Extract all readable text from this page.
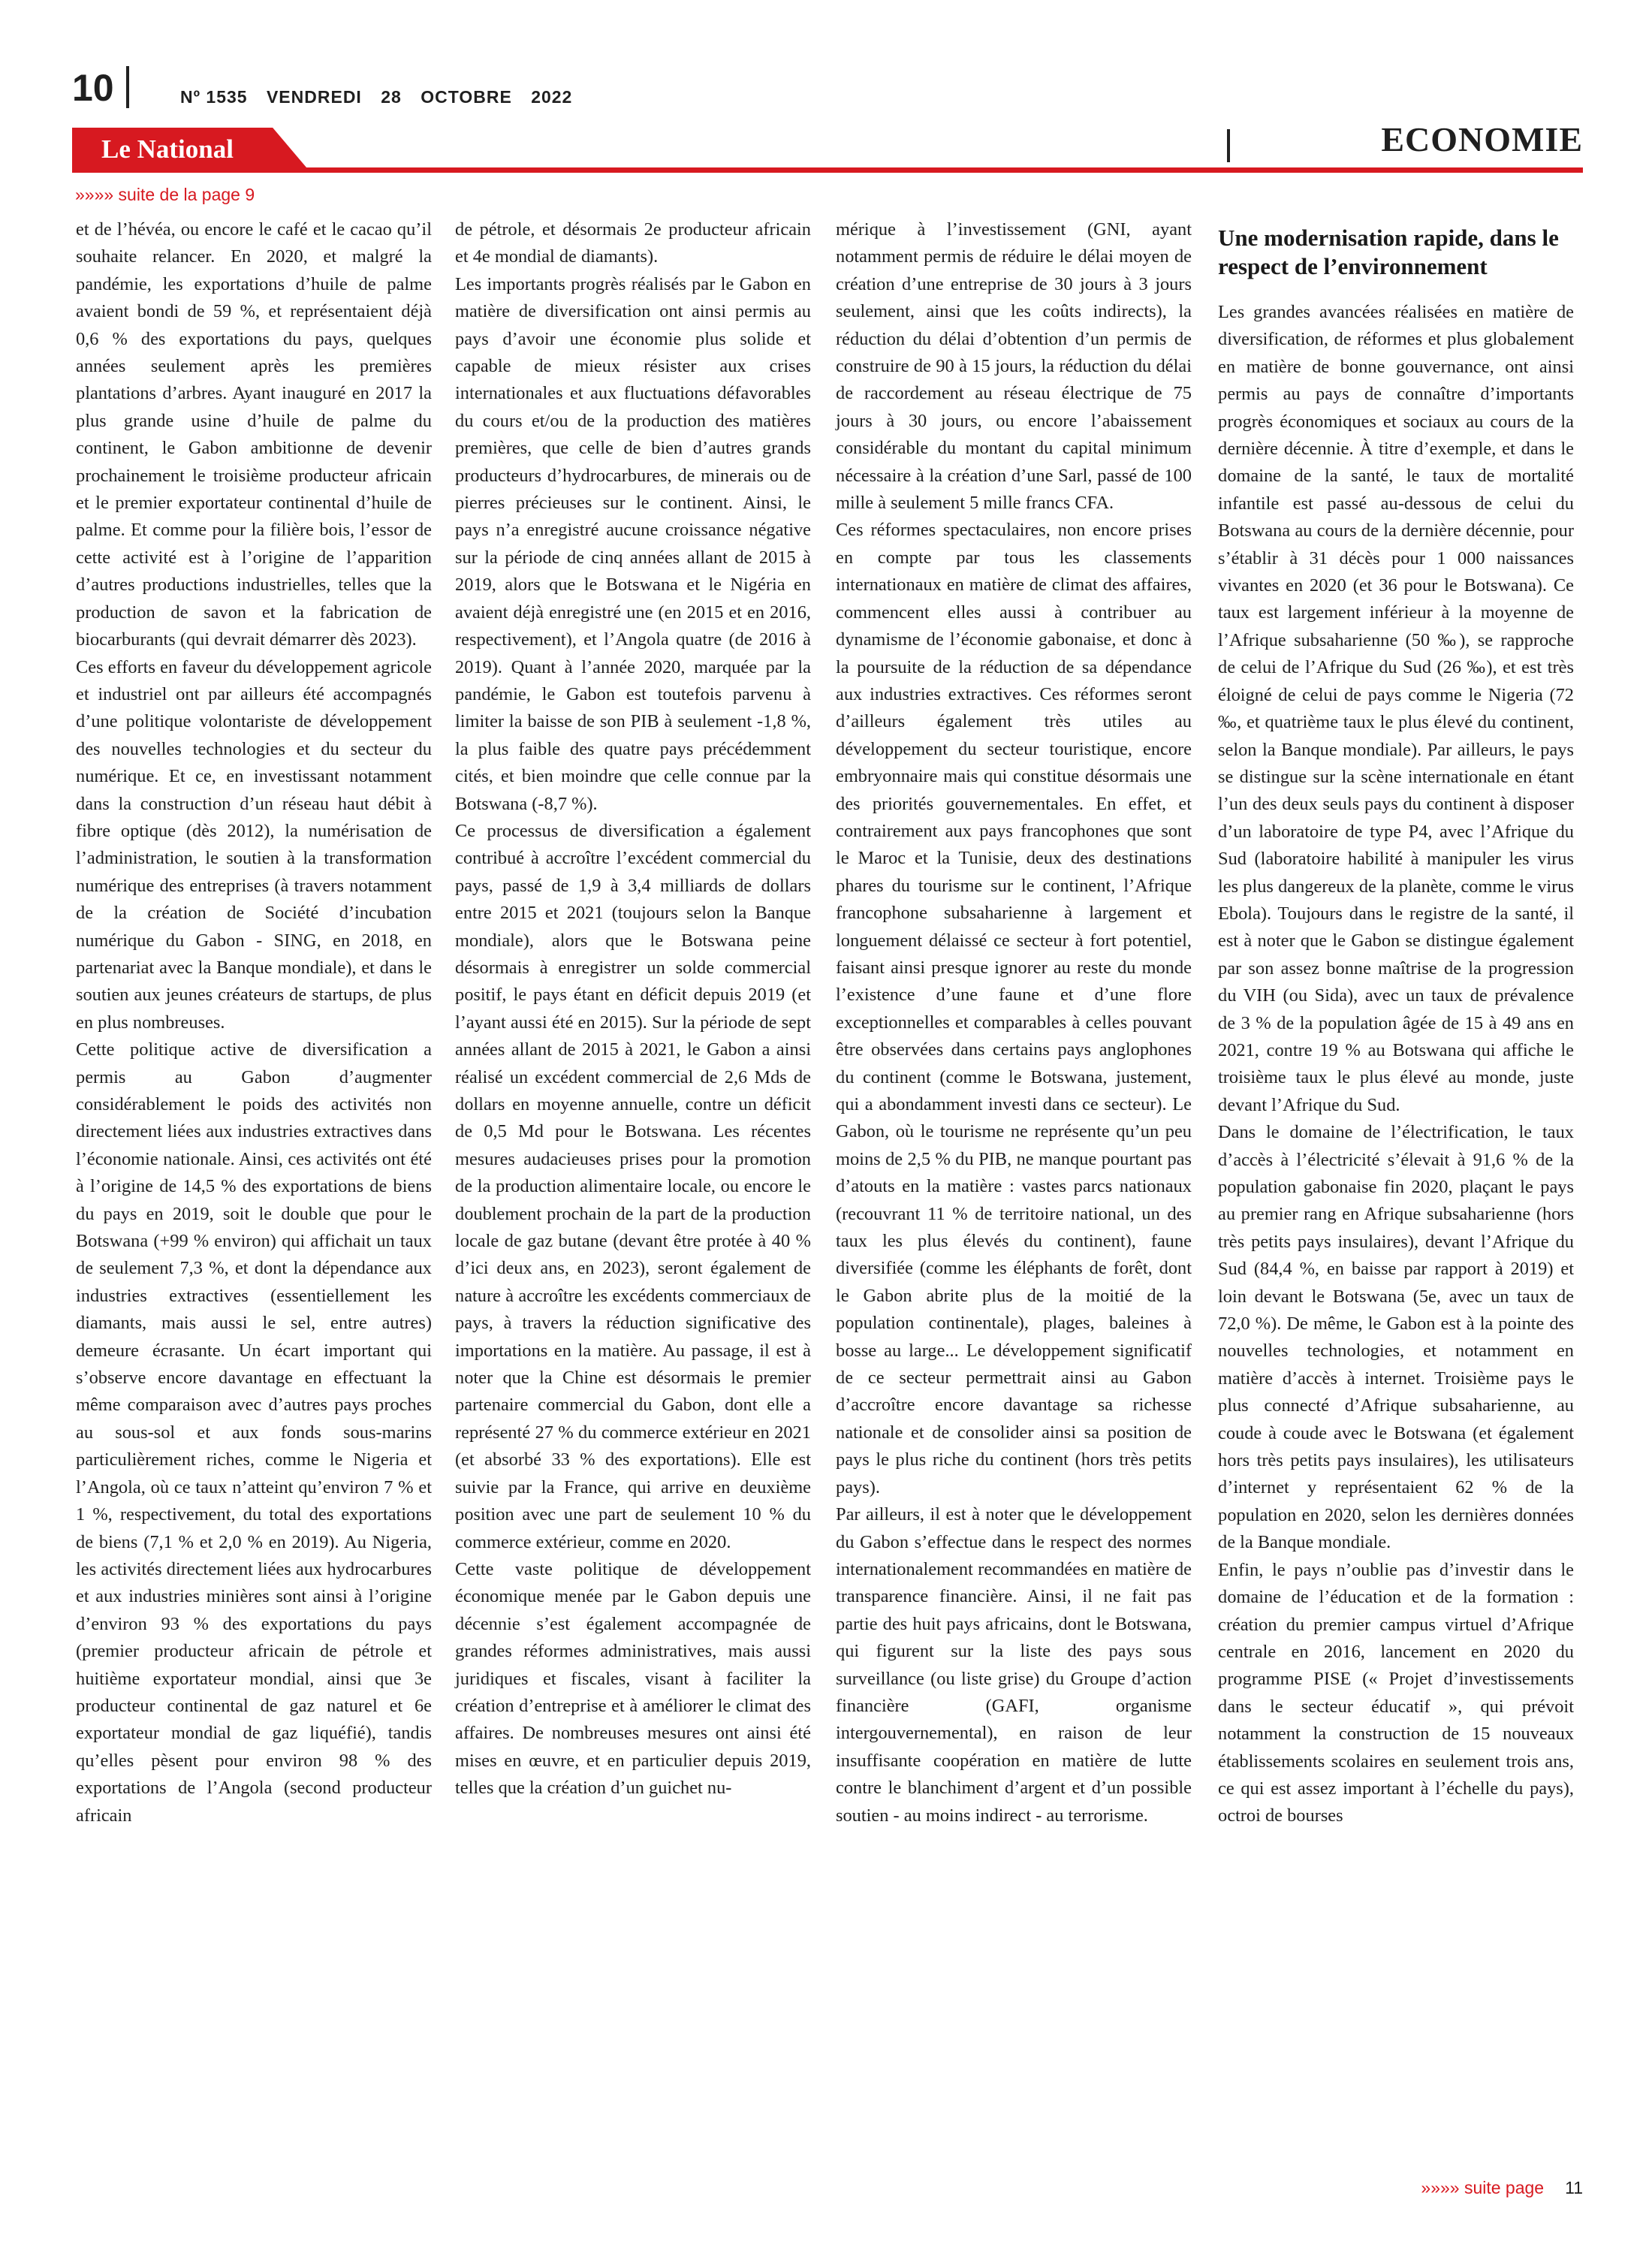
10	Nº 1535 VENDREDI 28 OCTOBRE 2022
Le National	ECONOMIE
»»»» suite de la page 9

et de l’hévéa, ou encore le café et le cacao qu’il souhaite relancer. En 2020, et malgré la pandémie, les exportations d’huile de palme avaient bondi de 59 %, et représentaient déjà 0,6 % des exportations du pays, quelques années seulement après les premières plantations d’arbres. Ayant inauguré en 2017 la plus grande usine d’huile de palme du continent, le Gabon ambitionne de devenir prochainement le troisième producteur africain et le premier exportateur continental d’huile de palme. Et comme pour la filière bois, l’essor de cette activité est à l’origine de l’apparition d’autres productions industrielles, telles que la production de savon et la fabrication de biocarburants (qui devrait démarrer dès 2023).

Ces efforts en faveur du développement agricole et industriel ont par ailleurs été accompagnés d’une politique volontariste de développement des nouvelles technologies et du secteur du numérique. Et ce, en investissant notamment dans la construction d’un réseau haut débit à fibre optique (dès 2012), la numérisation de l’administration, le soutien à la transformation numérique des entreprises (à travers notamment de la création de Société d’incubation numérique du Gabon - SING, en 2018, en partenariat avec la Banque mondiale), et dans le soutien aux jeunes créateurs de startups, de plus en plus nombreuses.

Cette politique active de diversification a permis au Gabon d’augmenter considérablement le poids des activités non directement liées aux industries extractives dans l’économie nationale. Ainsi, ces activités ont été à l’origine de 14,5 % des exportations de biens du pays en 2019, soit le double que pour le Botswana (+99 % environ) qui affichait un taux de seulement 7,3 %, et dont la dépendance aux industries extractives (essentiellement les diamants, mais aussi le sel, entre autres) demeure écrasante. Un écart important qui s’observe encore davantage en effectuant la même comparaison avec d’autres pays proches au sous-sol et aux fonds sous-marins particulièrement riches, comme le Nigeria et l’Angola, où ce taux n’atteint qu’environ 7 % et 1 %, respectivement, du total des exportations de biens (7,1 % et 2,0 % en 2019). Au Nigeria, les activités directement liées aux hydrocarbures et aux industries minières sont ainsi à l’origine d’environ 93 % des exportations du pays (premier producteur africain de pétrole et huitième exportateur mondial, ainsi que 3e producteur continental de gaz naturel et 6e exportateur mondial de gaz liquéfié), tandis qu’elles pèsent pour environ 98 % des exportations de l’Angola (second producteur africain

de pétrole, et désormais 2e producteur africain et 4e mondial de diamants).

Les importants progrès réalisés par le Gabon en matière de diversification ont ainsi permis au pays d’avoir une économie plus solide et capable de mieux résister aux crises internationales et aux fluctuations défavorables du cours et/ou de la production des matières premières, que celle de bien d’autres grands producteurs d’hydrocarbures, de minerais ou de pierres précieuses sur le continent. Ainsi, le pays n’a enregistré aucune croissance négative sur la période de cinq années allant de 2015 à 2019, alors que le Botswana et le Nigéria en avaient déjà enregistré une (en 2015 et en 2016, respectivement), et l’Angola quatre (de 2016 à 2019). Quant à l’année 2020, marquée par la pandémie, le Gabon est toutefois parvenu à limiter la baisse de son PIB à seulement -1,8 %, la plus faible des quatre pays précédemment cités, et bien moindre que celle connue par la Botswana (-8,7 %).

Ce processus de diversification a également contribué à accroître l’excédent commercial du pays, passé de 1,9 à 3,4 milliards de dollars entre 2015 et 2021 (toujours selon la Banque mondiale), alors que le Botswana peine désormais à enregistrer un solde commercial positif, le pays étant en déficit depuis 2019 (et l’ayant aussi été en 2015). Sur la période de sept années allant de 2015 à 2021, le Gabon a ainsi réalisé un excédent commercial de 2,6 Mds de dollars en moyenne annuelle, contre un déficit de 0,5 Md pour le Botswana. Les récentes mesures audacieuses prises pour la promotion de la production alimentaire locale, ou encore le doublement prochain de la part de la production locale de gaz butane (devant être protée à 40 % d’ici deux ans, en 2023), seront également de nature à accroître les excédents commerciaux de pays, à travers la réduction significative des importations en la matière. Au passage, il est à noter que la Chine est désormais le premier partenaire commercial du Gabon, dont elle a représenté 27 % du commerce extérieur en 2021 (et absorbé 33 % des exportations). Elle est suivie par la France, qui arrive en deuxième position avec une part de seulement 10 % du commerce extérieur, comme en 2020.

Cette vaste politique de développement économique menée par le Gabon depuis une décennie s’est également accompagnée de grandes réformes administratives, mais aussi juridiques et fiscales, visant à faciliter la création d’entreprise et à améliorer le climat des affaires. De nombreuses mesures ont ainsi été mises en œuvre, et en particulier depuis 2019, telles que la création d’un guichet nu-

mérique à l’investissement (GNI, ayant notamment permis de réduire le délai moyen de création d’une entreprise de 30 jours à 3 jours seulement, ainsi que les coûts indirects), la réduction du délai d’obtention d’un permis de construire de 90 à 15 jours, la réduction du délai de raccordement au réseau électrique de 75 jours à 30 jours, ou encore l’abaissement considérable du montant du capital minimum nécessaire à la création d’une Sarl, passé de 100 mille à seulement 5 mille francs CFA.

Ces réformes spectaculaires, non encore prises en compte par tous les classements internationaux en matière de climat des affaires, commencent elles aussi à contribuer au dynamisme de l’économie gabonaise, et donc à la poursuite de la réduction de sa dépendance aux industries extractives. Ces réformes seront d’ailleurs également très utiles au développement du secteur touristique, encore embryonnaire mais qui constitue désormais une des priorités gouvernementales. En effet, et contrairement aux pays francophones que sont le Maroc et la Tunisie, deux des destinations phares du tourisme sur le continent, l’Afrique francophone subsaharienne à largement et longuement délaissé ce secteur à fort potentiel, faisant ainsi presque ignorer au reste du monde l’existence d’une faune et d’une flore exceptionnelles et comparables à celles pouvant être observées dans certains pays anglophones du continent (comme le Botswana, justement, qui a abondamment investi dans ce secteur). Le Gabon, où le tourisme ne représente qu’un peu moins de 2,5 % du PIB, ne manque pourtant pas d’atouts en la matière : vastes parcs nationaux (recouvrant 11 % de territoire national, un des taux les plus élevés du continent), faune diversifiée (comme les éléphants de forêt, dont le Gabon abrite plus de la moitié de la population continentale), plages, baleines à bosse au large... Le développement significatif de ce secteur permettrait ainsi au Gabon d’accroître encore davantage sa richesse nationale et de consolider ainsi sa position de pays le plus riche du continent (hors très petits pays).

Par ailleurs, il est à noter que le développement du Gabon s’effectue dans le respect des normes internationalement recommandées en matière de transparence financière. Ainsi, il ne fait pas partie des huit pays africains, dont le Botswana, qui figurent sur la liste des pays sous surveillance (ou liste grise) du Groupe d’action financière (GAFI, organisme intergouvernemental), en raison de leur insuffisante coopération en matière de lutte contre le blanchiment d’argent et d’un possible soutien - au moins indirect - au terrorisme.

Une modernisation rapide, dans le respect de l’environnement

Les grandes avancées réalisées en matière de diversification, de réformes et plus globalement en matière de bonne gouvernance, ont ainsi permis au pays de connaître d’importants progrès économiques et sociaux au cours de la dernière décennie. À titre d’exemple, et dans le domaine de la santé, le taux de mortalité infantile est passé au-dessous de celui du Botswana au cours de la dernière décennie, pour s’établir à 31 décès pour 1 000 naissances vivantes en 2020 (et 36 pour le Botswana). Ce taux est largement inférieur à la moyenne de l’Afrique subsaharienne (50 ‰), se rapproche de celui de l’Afrique du Sud (26 ‰), et est très éloigné de celui de pays comme le Nigeria (72 ‰, et quatrième taux le plus élevé du continent, selon la Banque mondiale). Par ailleurs, le pays se distingue sur la scène internationale en étant l’un des deux seuls pays du continent à disposer d’un laboratoire de type P4, avec l’Afrique du Sud (laboratoire habilité à manipuler les virus les plus dangereux de la planète, comme le virus Ebola). Toujours dans le registre de la santé, il est à noter que le Gabon se distingue également par son assez bonne maîtrise de la progression du VIH (ou Sida), avec un taux de prévalence de 3 % de la population âgée de 15 à 49 ans en 2021, contre 19 % au Botswana qui affiche le troisième taux le plus élevé au monde, juste devant l’Afrique du Sud.

Dans le domaine de l’électrification, le taux d’accès à l’électricité s’élevait à 91,6 % de la population gabonaise fin 2020, plaçant le pays au premier rang en Afrique subsaharienne (hors très petits pays insulaires), devant l’Afrique du Sud (84,4 %, en baisse par rapport à 2019) et loin devant le Botswana (5e, avec un taux de 72,0 %). De même, le Gabon est à la pointe des nouvelles technologies, et notamment en matière d’accès à internet. Troisième pays le plus connecté d’Afrique subsaharienne, au coude à coude avec le Botswana (et également hors très petits pays insulaires), les utilisateurs d’internet y représentaient 62 % de la population en 2020, selon les dernières données de la Banque mondiale.

Enfin, le pays n’oublie pas d’investir dans le domaine de l’éducation et de la formation : création du premier campus virtuel d’Afrique centrale en 2016, lancement en 2020 du programme PISE (« Projet d’investissements dans le secteur éducatif », qui prévoit notamment la construction de 15 nouveaux établissements scolaires en seulement trois ans, ce qui est assez important à l’échelle du pays), octroi de bourses

»»»» suite page 11
